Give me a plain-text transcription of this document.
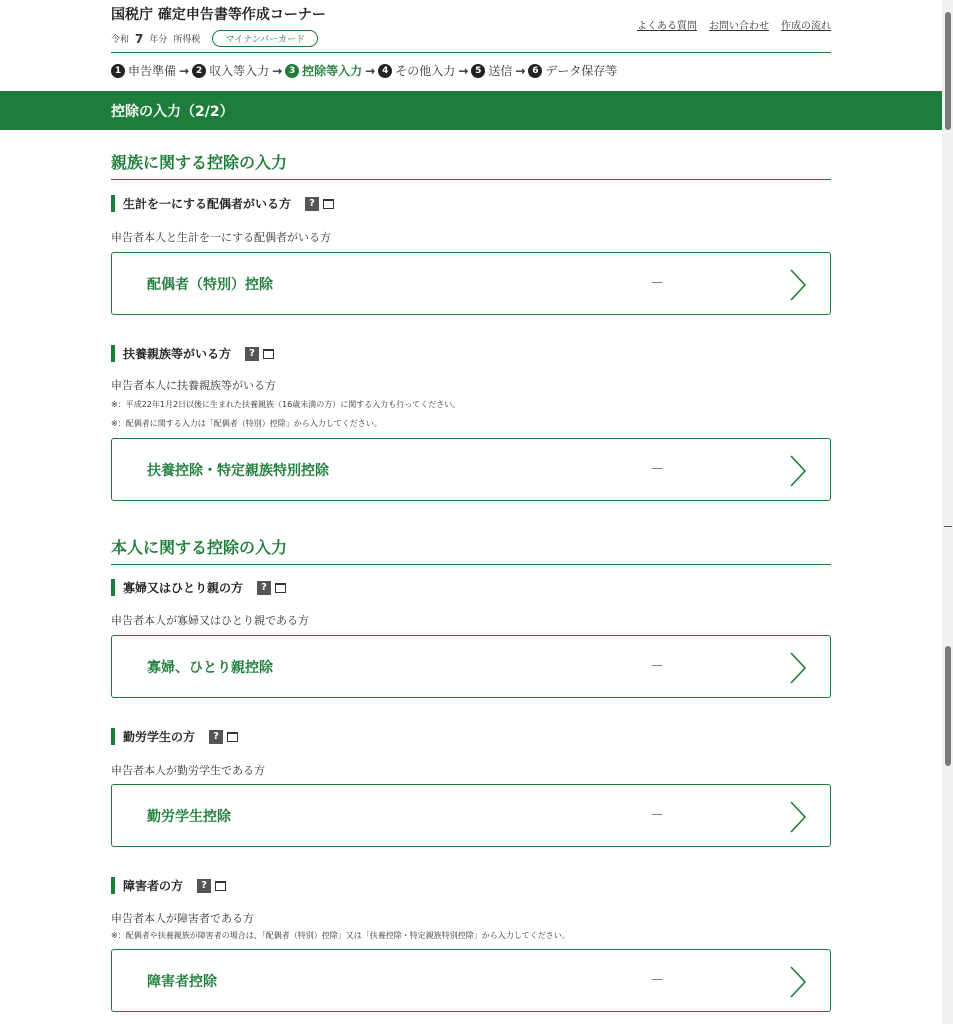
国税庁 確定申告書等作成コーナー
令和 7 年分 所得税	マイナンバーカード
よくある質問 お問い合わせ 作成の流れ
1 申告準備 → 2 収入等入力 → 3 控除等入力 → 4 その他入力 → 5 送信 → 6 データ保存等
控除の入力（2/2）
親族に関する控除の入力
生計を一にする配偶者がいる方	?
申告者本人と生計を一にする配偶者がいる方
配偶者（特別）控除	－
扶養親族等がいる方	?
申告者本人に扶養親族等がいる方
※：平成22年1月2日以後に生まれた扶養親族（16歳未満の方）に関する入力も行ってください。
※：配偶者に関する入力は「配偶者（特別）控除」から入力してください。
扶養控除・特定親族特別控除	－
本人に関する控除の入力
寡婦又はひとり親の方	?
申告者本人が寡婦又はひとり親である方
寡婦、ひとり親控除	－
勤労学生の方	?
申告者本人が勤労学生である方
勤労学生控除	－
障害者の方	?
申告者本人が障害者である方
※：配偶者や扶養親族が障害者の場合は、「配偶者（特別）控除」又は「扶養控除・特定親族特別控除」から入力してください。
障害者控除	－
